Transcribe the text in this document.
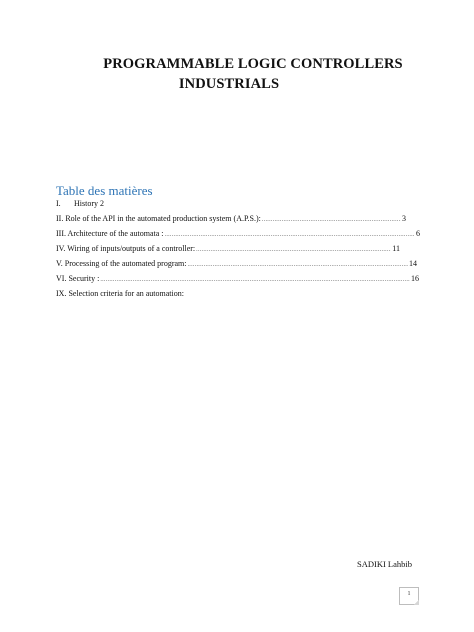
PROGRAMMABLE LOGIC CONTROLLERS
INDUSTRIALS
Table des matières
I.	History 2
II. Role of the API in the automated production system (A.P.S.): .....	3
III. Architecture of the automata : .....	6
IV. Wiring of inputs/outputs of a controller: .....	11
V. Processing of the automated program: .....	14
VI. Security : .....	16
IX. Selection criteria for an automation:
SADIKI Lahbib
1
